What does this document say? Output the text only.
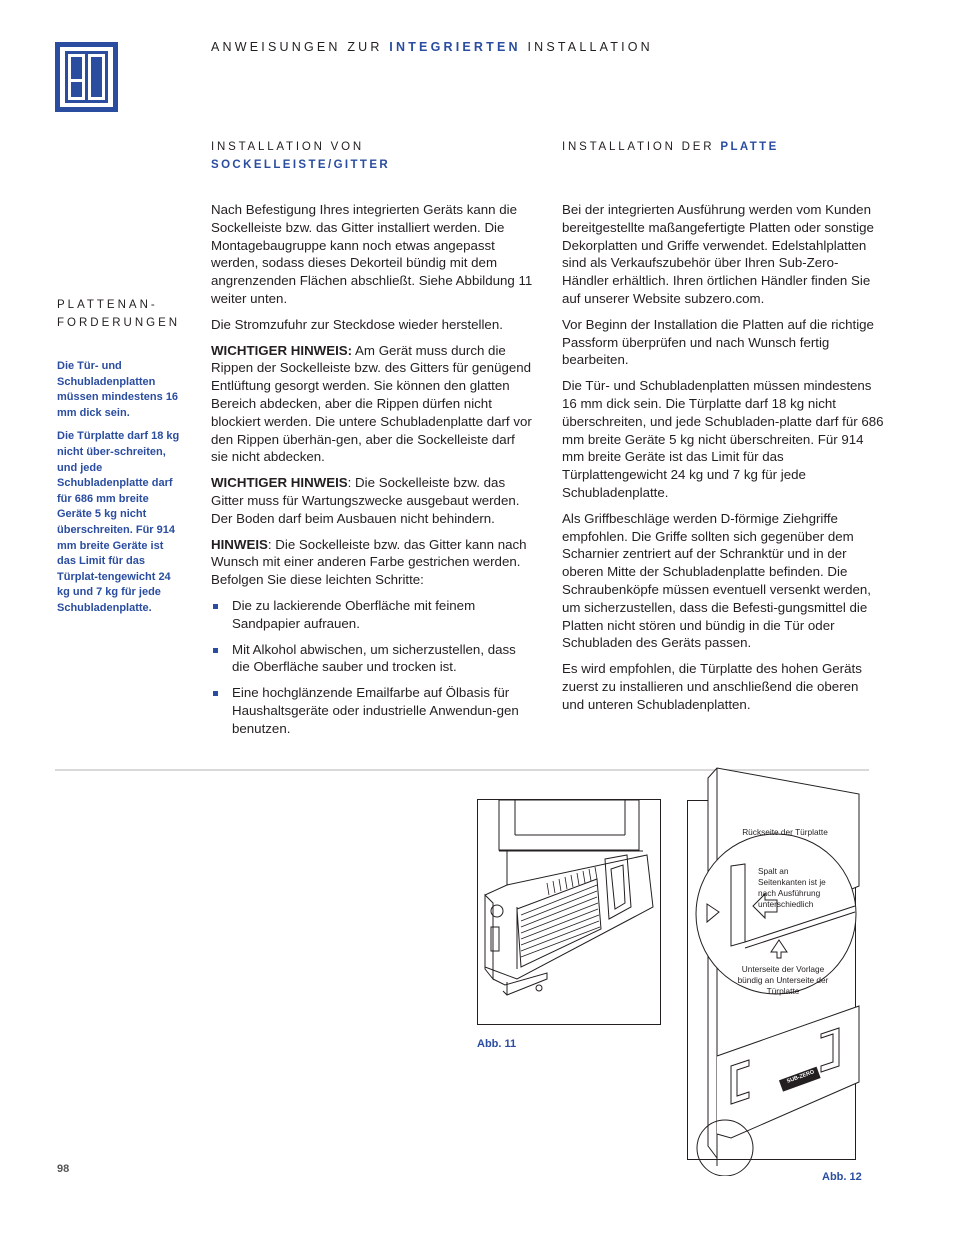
ANWEISUNGEN ZUR INTEGRIERTEN INSTALLATION
INSTALLATION VON
SOCKELLEISTE/GITTER
INSTALLATION DER PLATTE
PLATTENAN-
FORDERUNGEN

Die Tür- und Schubladenplatten müssen mindestens 16 mm dick sein.

Die Türplatte darf 18 kg nicht über-schreiten, und jede Schubladenplatte darf für 686 mm breite Geräte 5 kg nicht überschreiten. Für 914 mm breite Geräte ist das Limit für das Türplat-tengewicht 24 kg und 7 kg für jede Schubladenplatte.

Nach Befestigung Ihres integrierten Geräts kann die Sockelleiste bzw. das Gitter installiert werden. Die Montagebaugruppe kann noch etwas angepasst werden, sodass dieses Dekorteil bündig mit dem angrenzenden Flächen abschließt. Siehe Abbildung 11 weiter unten.

Die Stromzufuhr zur Steckdose wieder herstellen.

WICHTIGER HINWEIS: Am Gerät muss durch die Rippen der Sockelleiste bzw. des Gitters für genügend Entlüftung gesorgt werden. Sie können den glatten Bereich abdecken, aber die Rippen dürfen nicht blockiert werden. Die untere Schubladenplatte darf vor den Rippen überhän-gen, aber die Sockelleiste darf sie nicht abdecken.

WICHTIGER HINWEIS: Die Sockelleiste bzw. das Gitter muss für Wartungszwecke ausgebaut werden. Der Boden darf beim Ausbauen nicht behindern.

HINWEIS: Die Sockelleiste bzw. das Gitter kann nach Wunsch mit einer anderen Farbe gestrichen werden. Befolgen Sie diese leichten Schritte:

Die zu lackierende Oberfläche mit feinem Sandpapier aufrauen.
Mit Alkohol abwischen, um sicherzustellen, dass die Oberfläche sauber und trocken ist.
Eine hochglänzende Emailfarbe auf Ölbasis für Haushaltsgeräte oder industrielle Anwendun-gen benutzen.

Bei der integrierten Ausführung werden vom Kunden bereitgestellte maßangefertigte Platten oder sonstige Dekorplatten und Griffe verwendet. Edelstahlplatten sind als Verkaufszubehör über Ihren Sub-Zero-Händler erhältlich. Ihren örtlichen Händler finden Sie auf unserer Website subzero.com.

Vor Beginn der Installation die Platten auf die richtige Passform überprüfen und nach Wunsch fertig bearbeiten.

Die Tür- und Schubladenplatten müssen mindestens 16 mm dick sein. Die Türplatte darf 18 kg nicht überschreiten, und jede Schubladen-platte darf für 686 mm breite Geräte 5 kg nicht überschreiten. Für 914 mm breite Geräte ist das Limit für das Türplattengewicht 24 kg und 7 kg für jede Schubladenplatte.

Als Griffbeschläge werden D-förmige Ziehgriffe empfohlen. Die Griffe sollten sich gegenüber dem Scharnier zentriert auf der Schranktür und in der oberen Mitte der Schubladenplatte befinden. Die Schraubenköpfe müssen eventuell versenkt werden, um sicherzustellen, dass die Befesti-gungsmittel die Platten nicht stören und bündig in die Tür oder Schubladen des Geräts passen.

Es wird empfohlen, die Türplatte des hohen Geräts zuerst zu installieren und anschließend die oberen und unteren Schubladenplatten.

Abb. 11
SUB-ZERO
Rückseite der Türplatte
Spalt an Seitenkanten ist je nach Ausführung unterschiedlich
Unterseite der Vorlage bündig an Unterseite der Türplatte
Abb. 12
98
